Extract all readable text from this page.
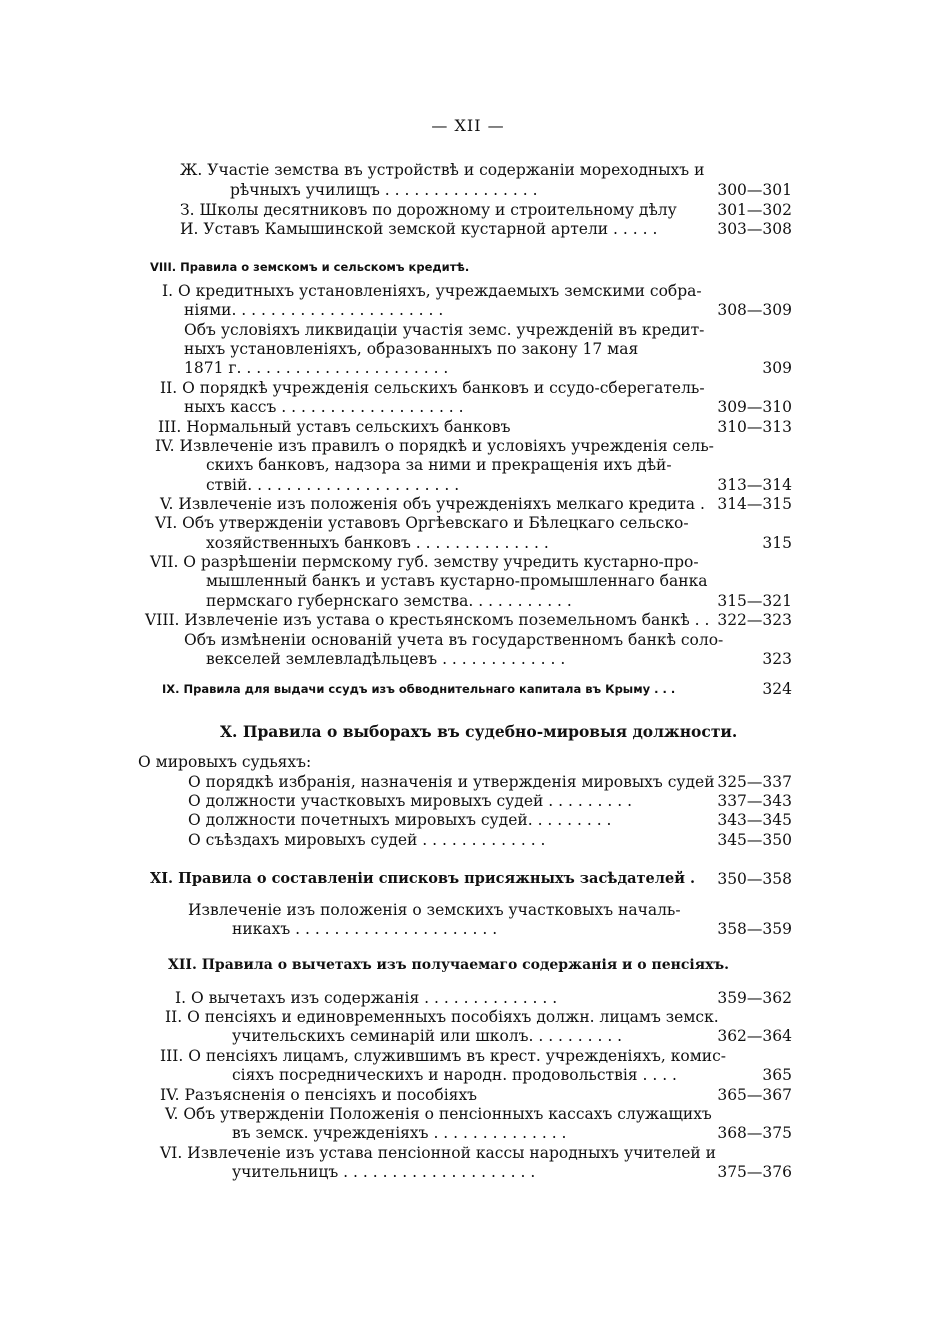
— XII —
Ж. Участіе земства въ устройствѣ и содержаніи мореходныхъ и
рѣчныхъ училищъ . . . . . . . . . . . . . . . .	300—301
З. Школы десятниковъ по дорожному и строительному дѣлу	301—302
И. Уставъ Камышинской земской кустарной артели . . . . .	303—308
VIII. Правила о земскомъ и сельскомъ кредитѣ.
I. О кредитныхъ установленіяхъ, учреждаемыхъ земскими собра-
ніями. . . . . . . . . . . . . . . . . . . . . .	308—309
Объ условіяхъ ликвидаціи участія земс. учрежденій въ кредит-
ныхъ установленіяхъ, образованныхъ по закону 17 мая
1871 г. . . . . . . . . . . . . . . . . . . . . .	309
II. О порядкѣ учрежденія сельскихъ банковъ и ссудо-сберегатель-
ныхъ кассъ . . . . . . . . . . . . . . . . . . .	309—310
III. Нормальный уставъ сельскихъ банковъ	310—313
IV. Извлеченіе изъ правилъ о порядкѣ и условіяхъ учрежденія сель-
скихъ банковъ, надзора за ними и прекращенія ихъ дѣй-
ствій. . . . . . . . . . . . . . . . . . . . . .	313—314
V. Извлеченіе изъ положенія объ учрежденіяхъ мелкаго кредита . 314—315
VI. Объ утвержденіи уставовъ Оргѣевскаго и Бѣлецкаго сельско-
хозяйственныхъ банковъ . . . . . . . . . . . . . .	315
VII. О разрѣшеніи пермскому губ. земству учредить кустарно-про-
мышленный банкъ и уставъ кустарно-промышленнаго банка
пермскаго губернскаго земства. . . . . . . . . . .	315—321
VIII. Извлеченіе изъ устава о крестьянскомъ поземельномъ банкѣ . . 322—323
Объ измѣненіи основаній учета въ государственномъ банкѣ соло-
векселей землевладѣльцевъ . . . . . . . . . . . . .	323
IX. Правила для выдачи ссудъ изъ обводнительнаго капитала въ Крыму . . .	324
X. Правила о выборахъ въ судебно-мировыя должности.
О мировыхъ судьяхъ:
О порядкѣ избранія, назначенія и утвержденія мировыхъ судей 325—337
О должности участковыхъ мировыхъ судей . . . . . . . . .	337—343
О должности почетныхъ мировыхъ судей. . . . . . . . .	343—345
О съѣздахъ мировыхъ судей . . . . . . . . . . . . .	345—350
XI. Правила о составленіи списковъ присяжныхъ засѣдателей .	350—358
Извлеченіе изъ положенія о земскихъ участковыхъ началь-
никахъ . . . . . . . . . . . . . . . . . . . . .	358—359
XII. Правила о вычетахъ изъ получаемаго содержанія и о пенсіяхъ.
I. О вычетахъ изъ содержанія . . . . . . . . . . . . . .	359—362
II. О пенсіяхъ и единовременныхъ пособіяхъ должн. лицамъ земск.
учительскихъ семинарій или школъ. . . . . . . . . .	362—364
III. О пенсіяхъ лицамъ, служившимъ въ крест. учрежденіяхъ, комис-
сіяхъ посредническихъ и народн. продовольствія . . . .	365
IV. Разъясненія о пенсіяхъ и пособіяхъ	365—367
V. Объ утвержденіи Положенія о пенсіонныхъ кассахъ служащихъ
въ земск. учрежденіяхъ . . . . . . . . . . . . . .	368—375
VI. Извлеченіе изъ устава пенсіонной кассы народныхъ учителей и
учительницъ . . . . . . . . . . . . . . . . . . . .	375—376
